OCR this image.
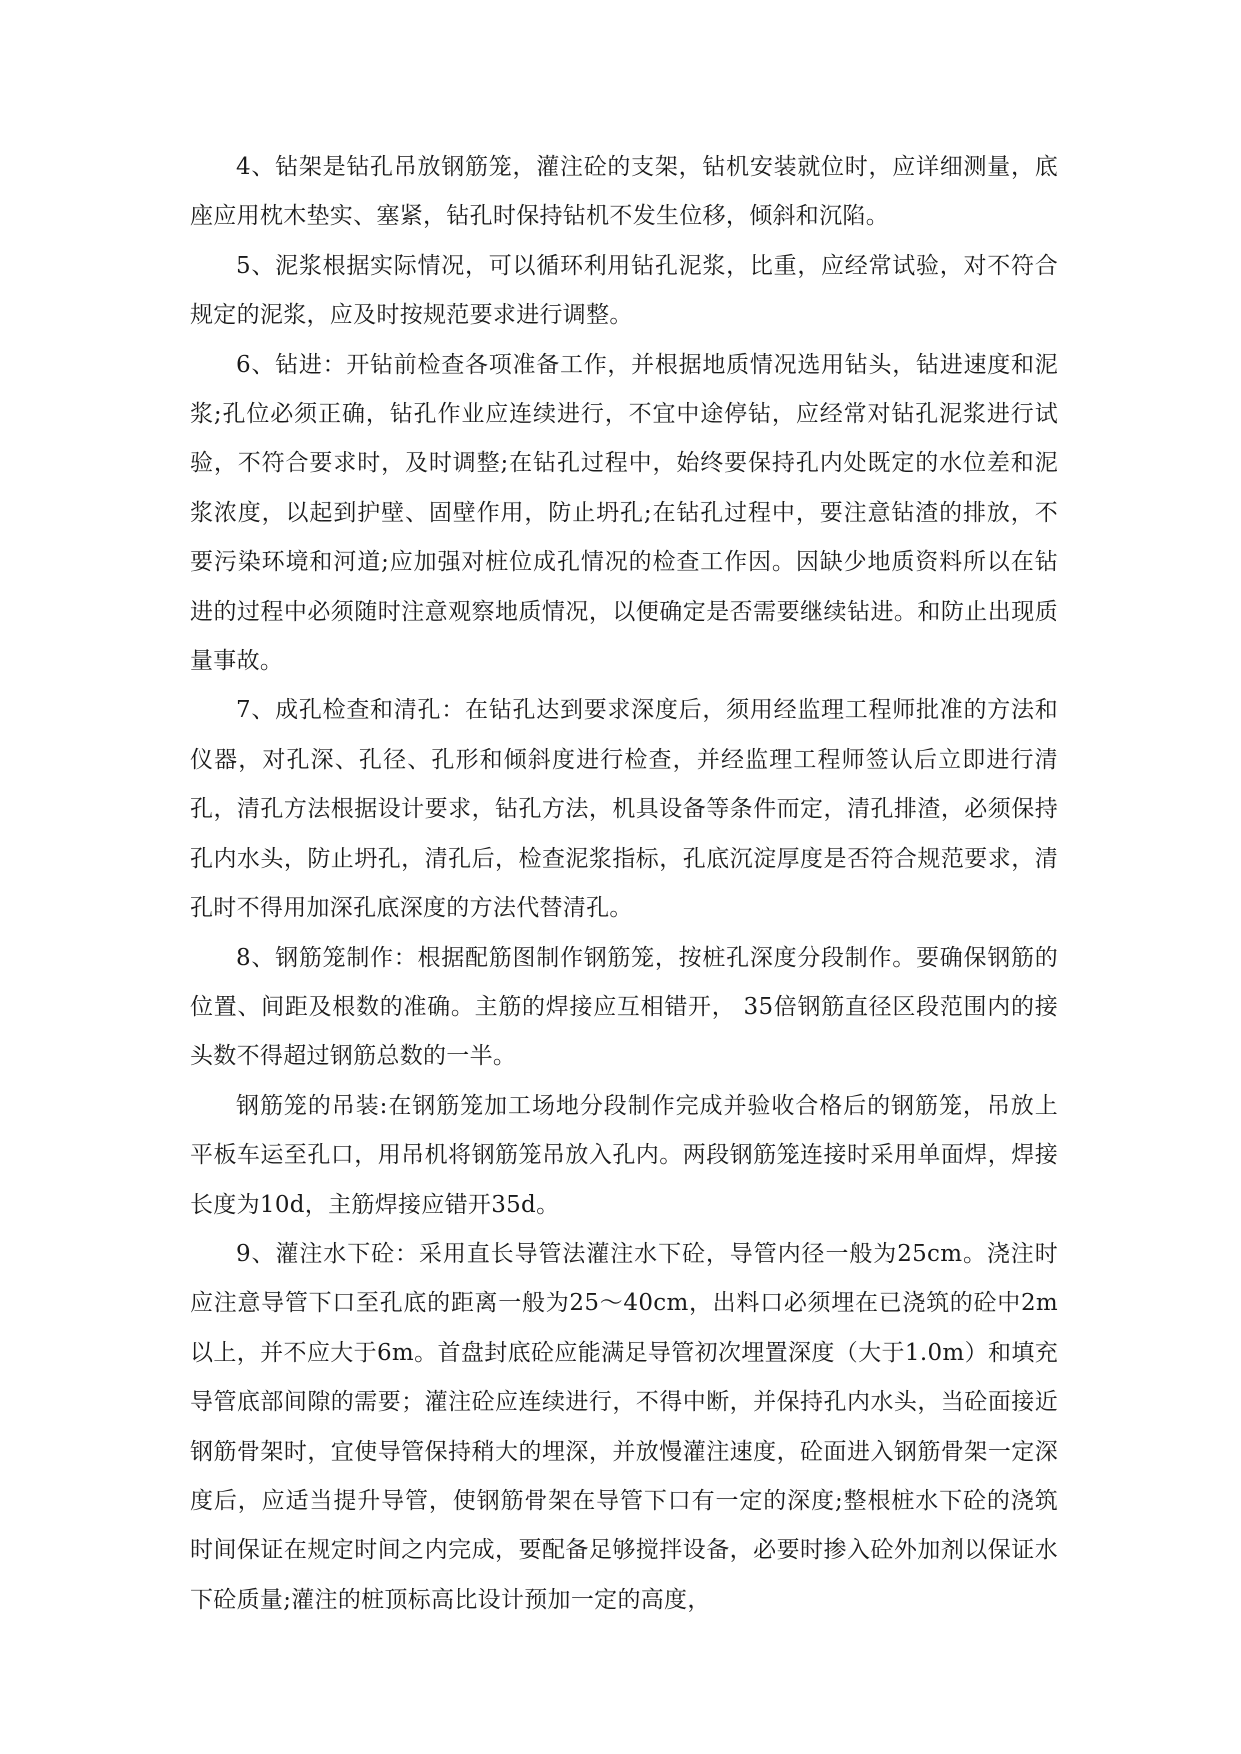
4、钻架是钻孔吊放钢筋笼，灌注砼的支架，钻机安装就位时，应详细测量，底座应用枕木垫实、塞紧，钻孔时保持钻机不发生位移，倾斜和沉陷。

5、泥浆根据实际情况，可以循环利用钻孔泥浆，比重，应经常试验，对不符合规定的泥浆，应及时按规范要求进行调整。

6、钻进：开钻前检查各项准备工作，并根据地质情况选用钻头，钻进速度和泥浆;孔位必须正确，钻孔作业应连续进行，不宜中途停钻，应经常对钻孔泥浆进行试验，不符合要求时，及时调整;在钻孔过程中，始终要保持孔内处既定的水位差和泥浆浓度，以起到护壁、固壁作用，防止坍孔;在钻孔过程中，要注意钻渣的排放，不要污染环境和河道;应加强对桩位成孔情况的检查工作因。因缺少地质资料所以在钻进的过程中必须随时注意观察地质情况，以便确定是否需要继续钻进。和防止出现质量事故。

7、成孔检查和清孔：在钻孔达到要求深度后，须用经监理工程师批准的方法和仪器，对孔深、孔径、孔形和倾斜度进行检查，并经监理工程师签认后立即进行清孔，清孔方法根据设计要求，钻孔方法，机具设备等条件而定，清孔排渣，必须保持孔内水头，防止坍孔，清孔后，检查泥浆指标，孔底沉淀厚度是否符合规范要求，清孔时不得用加深孔底深度的方法代替清孔。

8、钢筋笼制作：根据配筋图制作钢筋笼，按桩孔深度分段制作。要确保钢筋的位置、间距及根数的准确。主筋的焊接应互相错开， 35倍钢筋直径区段范围内的接头数不得超过钢筋总数的一半。

钢筋笼的吊装:在钢筋笼加工场地分段制作完成并验收合格后的钢筋笼，吊放上平板车运至孔口，用吊机将钢筋笼吊放入孔内。两段钢筋笼连接时采用单面焊，焊接长度为10d，主筋焊接应错开35d。

9、灌注水下砼：采用直长导管法灌注水下砼，导管内径一般为25cm。浇注时应注意导管下口至孔底的距离一般为25～40cm，出料口必须埋在已浇筑的砼中2m以上，并不应大于6m。首盘封底砼应能满足导管初次埋置深度（大于1.0m）和填充导管底部间隙的需要；灌注砼应连续进行，不得中断，并保持孔内水头，当砼面接近钢筋骨架时，宜使导管保持稍大的埋深，并放慢灌注速度，砼面进入钢筋骨架一定深度后，应适当提升导管，使钢筋骨架在导管下口有一定的深度;整根桩水下砼的浇筑时间保证在规定时间之内完成，要配备足够搅拌设备，必要时掺入砼外加剂以保证水下砼质量;灌注的桩顶标高比设计预加一定的高度，
